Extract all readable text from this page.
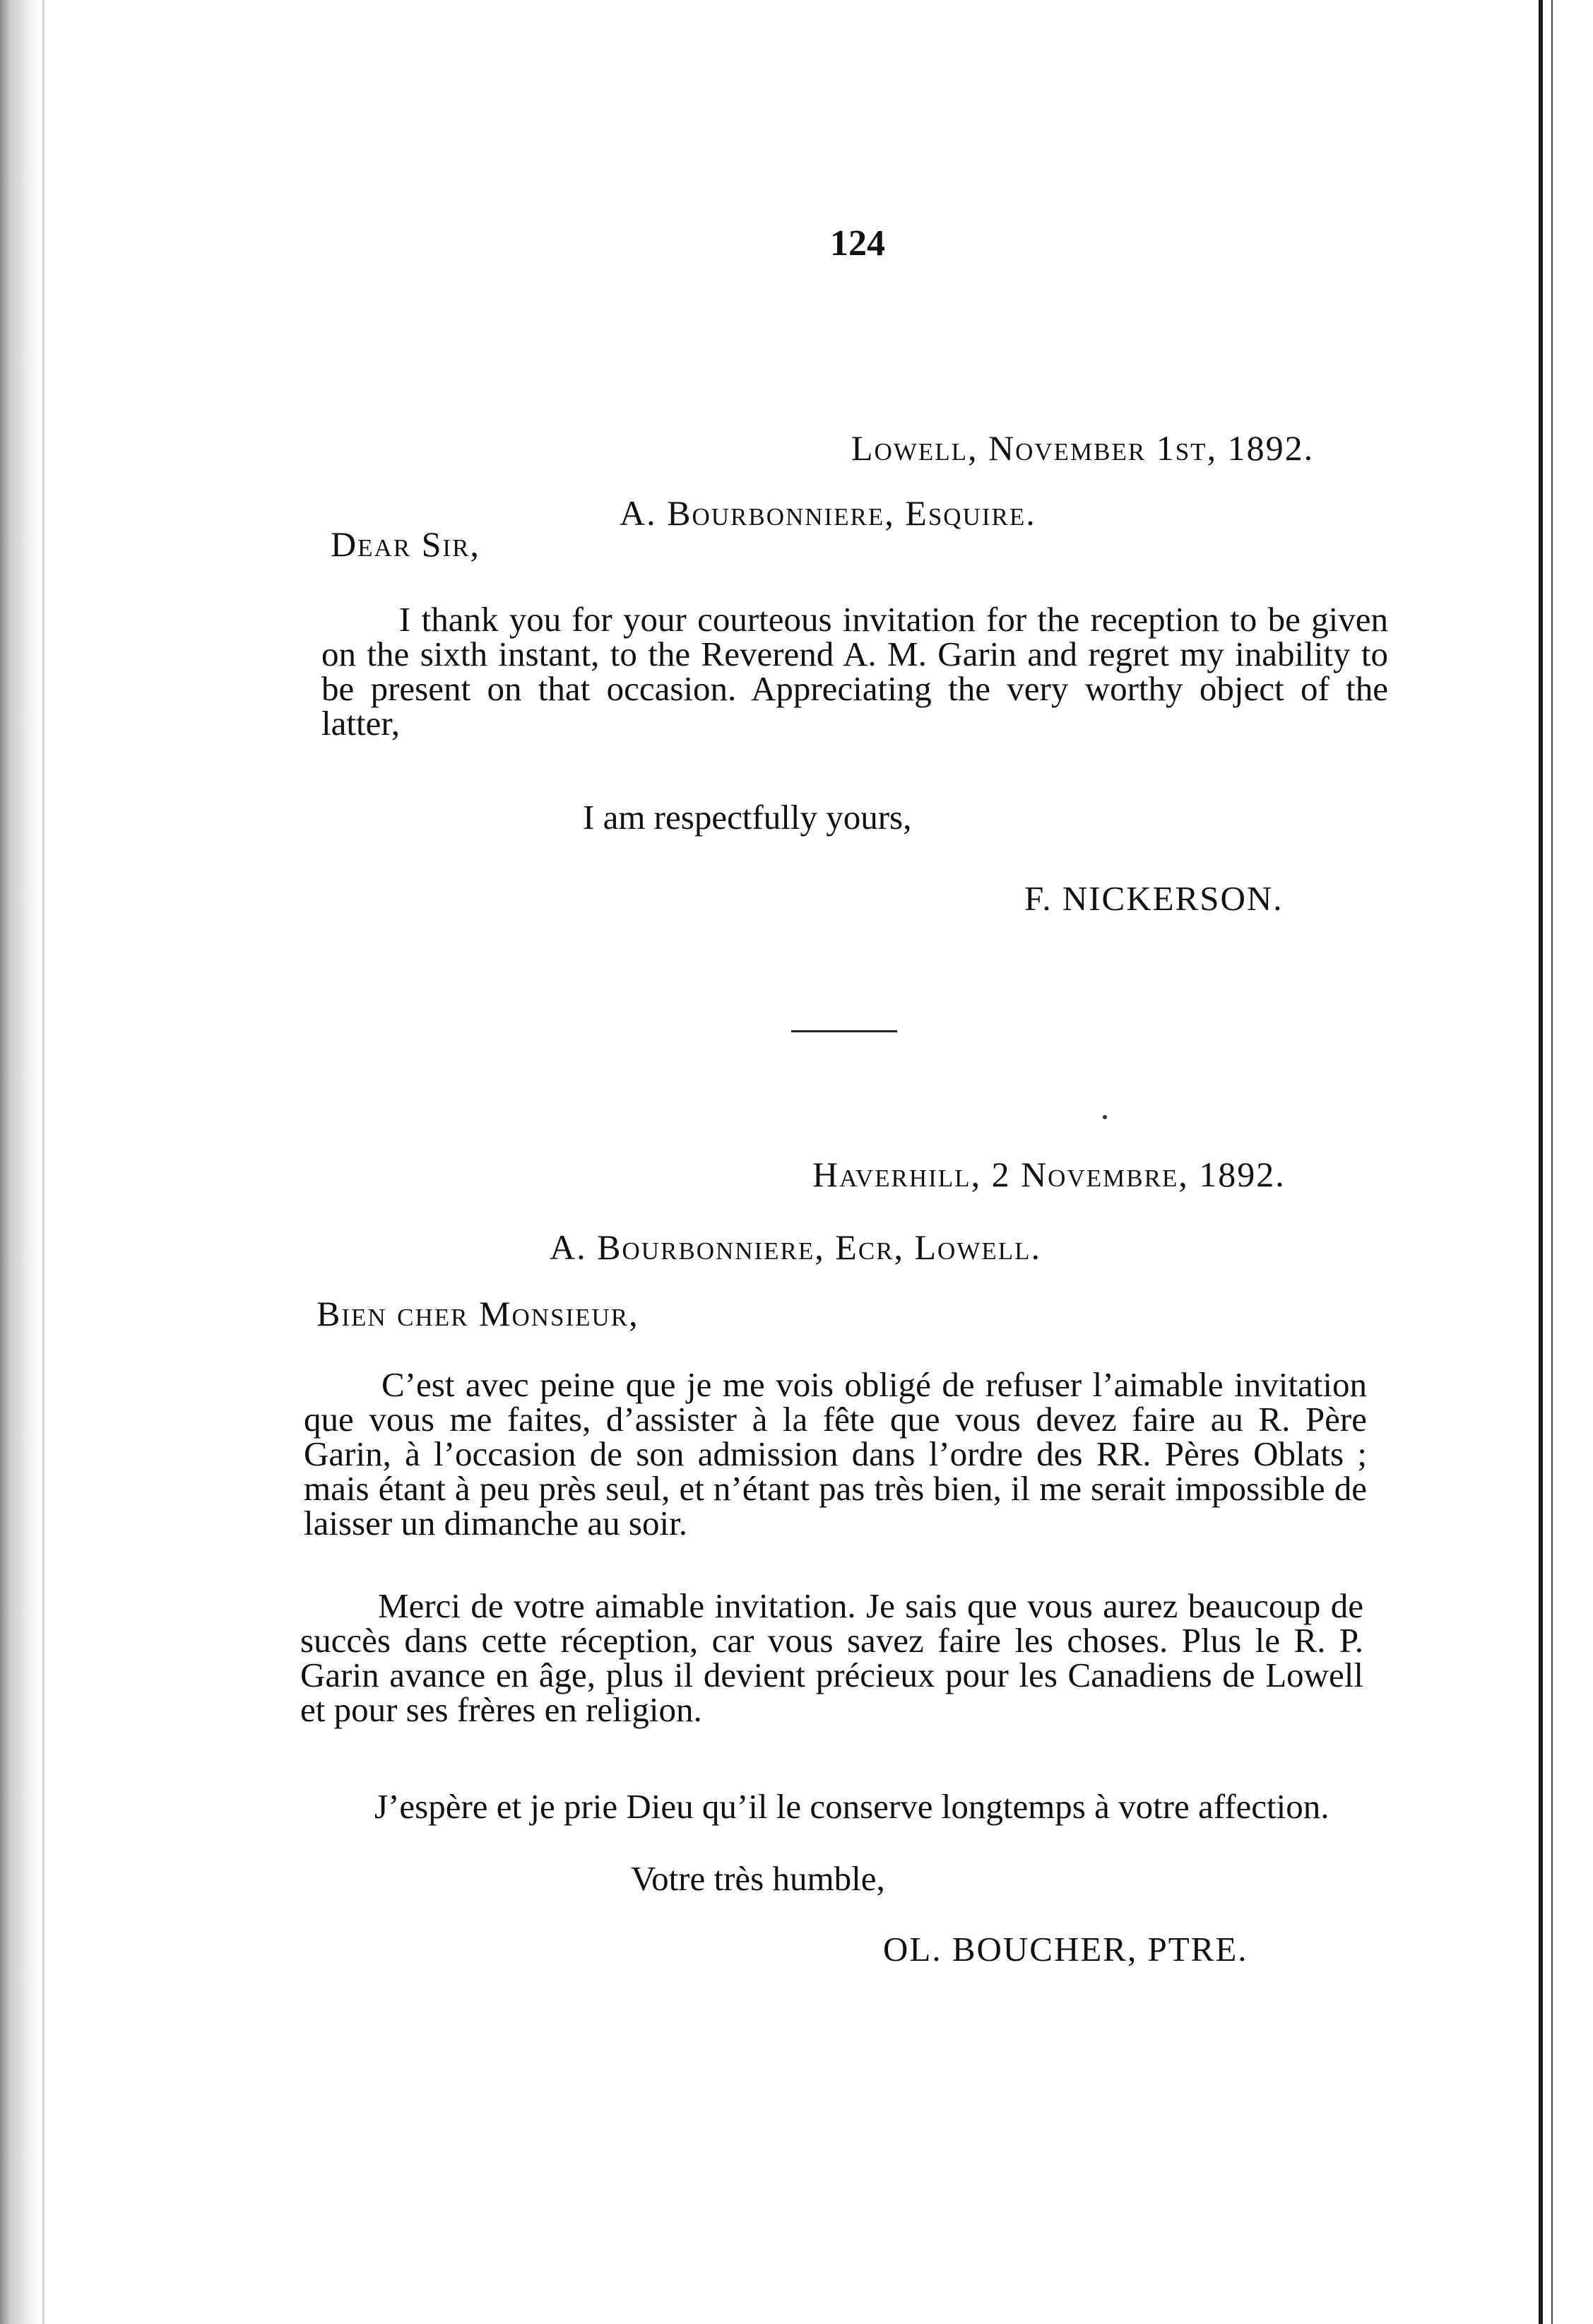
124
Lowell, November 1st, 1892.
A. Bourbonniere, Esquire.
Dear Sir,
I thank you for your courteous invitation for the reception to be given on the sixth instant, to the Reverend A. M. Garin and regret my inability to be present on that occasion. Appreciating the very worthy object of the latter,
I am respectfully yours,
F. NICKERSON.
Haverhill, 2 Novembre, 1892.
A. Bourbonniere, Ecr, Lowell.
Bien cher Monsieur,
C’est avec peine que je me vois obligé de refuser l’aimable invitation que vous me faites, d’assister à la fête que vous devez faire au R. Père Garin, à l’occasion de son admission dans l’ordre des RR. Pères Oblats ; mais étant à peu près seul, et n’étant pas très bien, il me serait impossible de laisser un dimanche au soir.
Merci de votre aimable invitation. Je sais que vous aurez beaucoup de succès dans cette réception, car vous savez faire les choses. Plus le R. P. Garin avance en âge, plus il devient précieux pour les Canadiens de Lowell et pour ses frères en religion.
J’espère et je prie Dieu qu’il le conserve longtemps à votre affection.
Votre très humble,
OL. BOUCHER, PTRE.
